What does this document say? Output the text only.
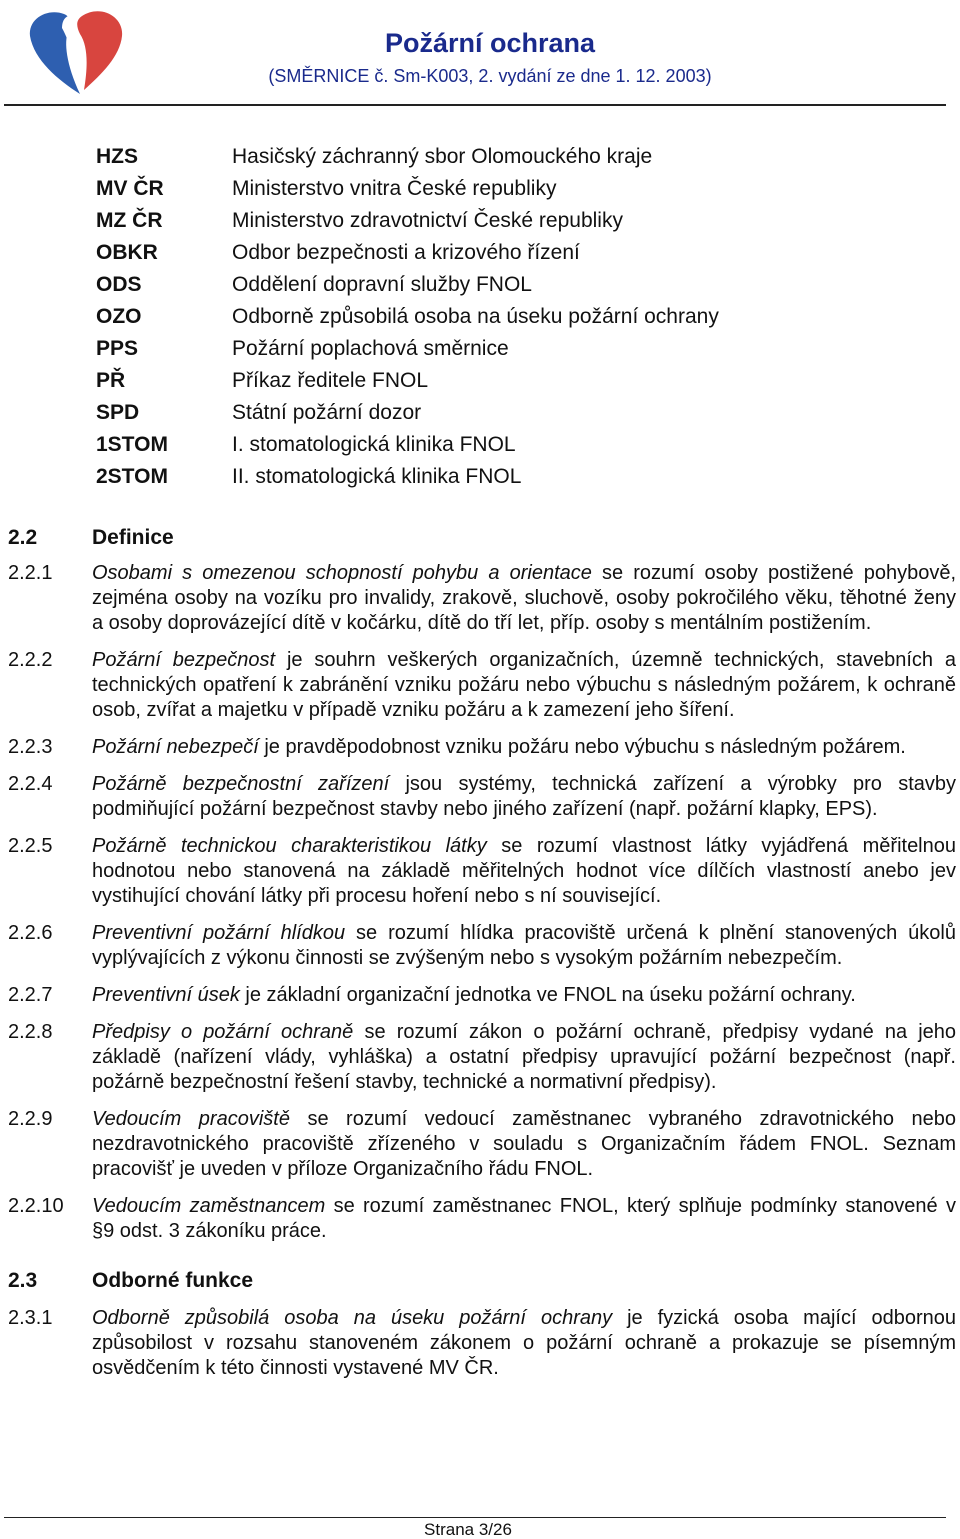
Požární ochrana
(SMĚRNICE č. Sm-K003, 2. vydání ze dne 1. 12. 2003)
HZS	Hasičský záchranný sbor Olomouckého kraje
MV ČR	Ministerstvo vnitra České republiky
MZ ČR	Ministerstvo zdravotnictví České republiky
OBKR	Odbor bezpečnosti a krizového řízení
ODS	Oddělení dopravní služby FNOL
OZO	Odborně způsobilá osoba na úseku požární ochrany
PPS	Požární poplachová směrnice
PŘ	Příkaz ředitele FNOL
SPD	Státní požární dozor
1STOM	I. stomatologická klinika FNOL
2STOM	II. stomatologická klinika FNOL
2.2	Definice
2.2.1	Osobami s omezenou schopností pohybu a orientace se rozumí osoby postižené pohybově, zejména osoby na vozíku pro invalidy, zrakově, sluchově, osoby pokročilého věku, těhotné ženy a osoby doprovázející dítě v kočárku, dítě do tří let, příp. osoby s mentálním postižením.

2.2.2	Požární bezpečnost je souhrn veškerých organizačních, územně technických, stavebních a technických opatření k zabránění vzniku požáru nebo výbuchu s následným požárem, k ochraně osob, zvířat a majetku v případě vzniku požáru a k zamezení jeho šíření.

2.2.3	Požární nebezpečí je pravděpodobnost vzniku požáru nebo výbuchu s následným požárem.

2.2.4	Požárně bezpečnostní zařízení jsou systémy, technická zařízení a výrobky pro stavby podmiňující požární bezpečnost stavby nebo jiného zařízení (např. požární klapky, EPS).

2.2.5	Požárně technickou charakteristikou látky se rozumí vlastnost látky vyjádřená měřitelnou hodnotou nebo stanovená na základě měřitelných hodnot více dílčích vlastností anebo jev vystihující chování látky při procesu hoření nebo s ní související.

2.2.6	Preventivní požární hlídkou se rozumí hlídka pracoviště určená k plnění stanovených úkolů vyplývajících z výkonu činnosti se zvýšeným nebo s vysokým požárním nebezpečím.

2.2.7	Preventivní úsek je základní organizační jednotka ve FNOL na úseku požární ochrany.

2.2.8	Předpisy o požární ochraně se rozumí zákon o požární ochraně, předpisy vydané na jeho základě (nařízení vlády, vyhláška) a ostatní předpisy upravující požární bezpečnost (např. požárně bezpečnostní řešení stavby, technické a normativní předpisy).

2.2.9	Vedoucím pracoviště se rozumí vedoucí zaměstnanec vybraného zdravotnického nebo nezdravotnického pracoviště zřízeného v souladu s Organizačním řádem FNOL. Seznam pracovišť je uveden v příloze Organizačního řádu FNOL.

2.2.10	Vedoucím zaměstnancem se rozumí zaměstnanec FNOL, který splňuje podmínky stanovené v §9 odst. 3 zákoníku práce.

2.3	Odborné funkce
2.3.1	Odborně způsobilá osoba na úseku požární ochrany je fyzická osoba mající odbornou způsobilost v rozsahu stanoveném zákonem o požární ochraně a prokazuje se písemným osvědčením k této činnosti vystavené MV ČR.

Strana 3/26
